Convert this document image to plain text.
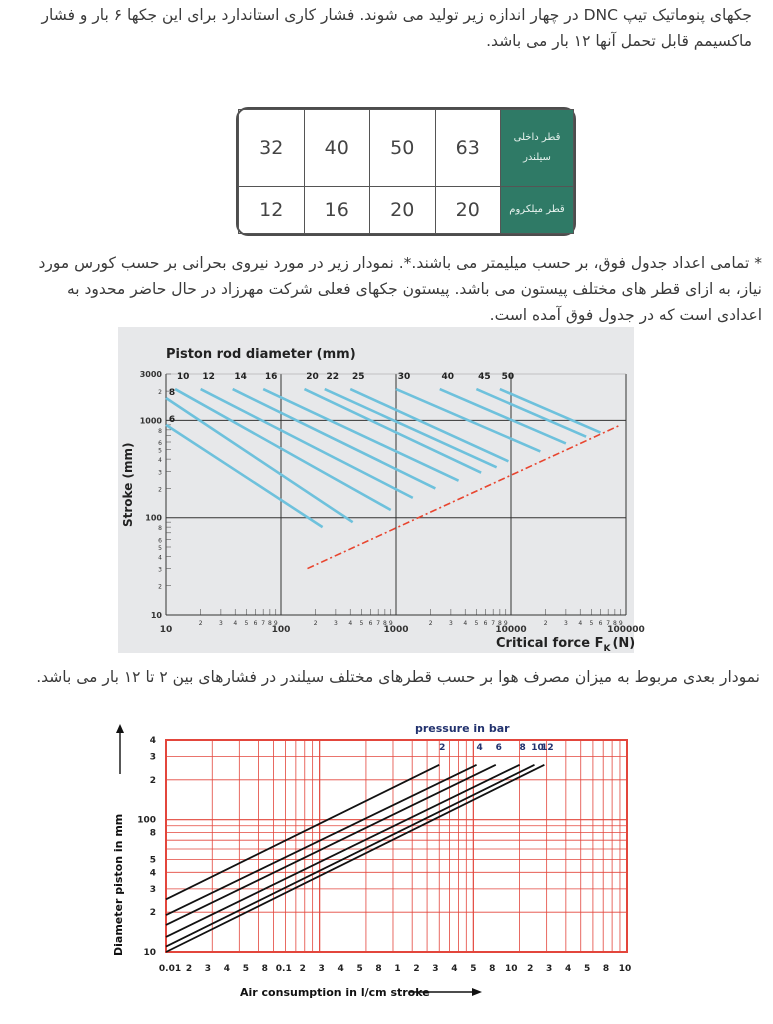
جکهای پنوماتیک تیپ DNC در چهار اندازه زیر تولید می شوند. فشار کاری استاندارد برای این جکها ۶ بار و فشار ماکسیمم قابل تحمل آنها ۱۲ بار می باشد.
32	40	50	63	قطر داخلی سیلندر
12	16	20	20	قطر میلکروم
* تمامی اعداد جدول فوق، بر حسب میلیمتر می باشند.*. نمودار زیر در مورد نیروی بحرانی بر حسب کورس مورد نیاز، به ازای قطر های مختلف پیستون می باشد. پیستون جکهای فعلی شرکت مهرزاد در حال حاضر محدود به اعدادی است که در جدول فوق آمده است.
10
2	3 4 5 6 7 8 9
100
2	3 4 5 6 7 8 9
1000
2	3 4 5 6 7 8 9
10000
2	3 4 5 6 7 8 9
100000
3000
2
1000
8
6
5
4
3
2
100
8
6
5
4
3
2
10
6
8
10 12 14 16	20 22 25	30	40	45 50
Piston rod diameter (mm)
Stroke (mm)
Critical force $F_K$ (N)
نمودار بعدی مربوط به میزان مصرف هوا بر حسب قطرهای مختلف سیلندر در فشارهای بین ۲ تا ۱۲ بار می باشد.
0.01 2 3 4 5 8 0.1 2 3 4 5 8 1 2 3 4 5 8 10 2 3 4 5 8 10
4
3
2
100
8
5
4
3
2
10
2	4 6 8 10
12
pressure in bar
Diameter piston in mm
Air consumption in l/cm stroke
